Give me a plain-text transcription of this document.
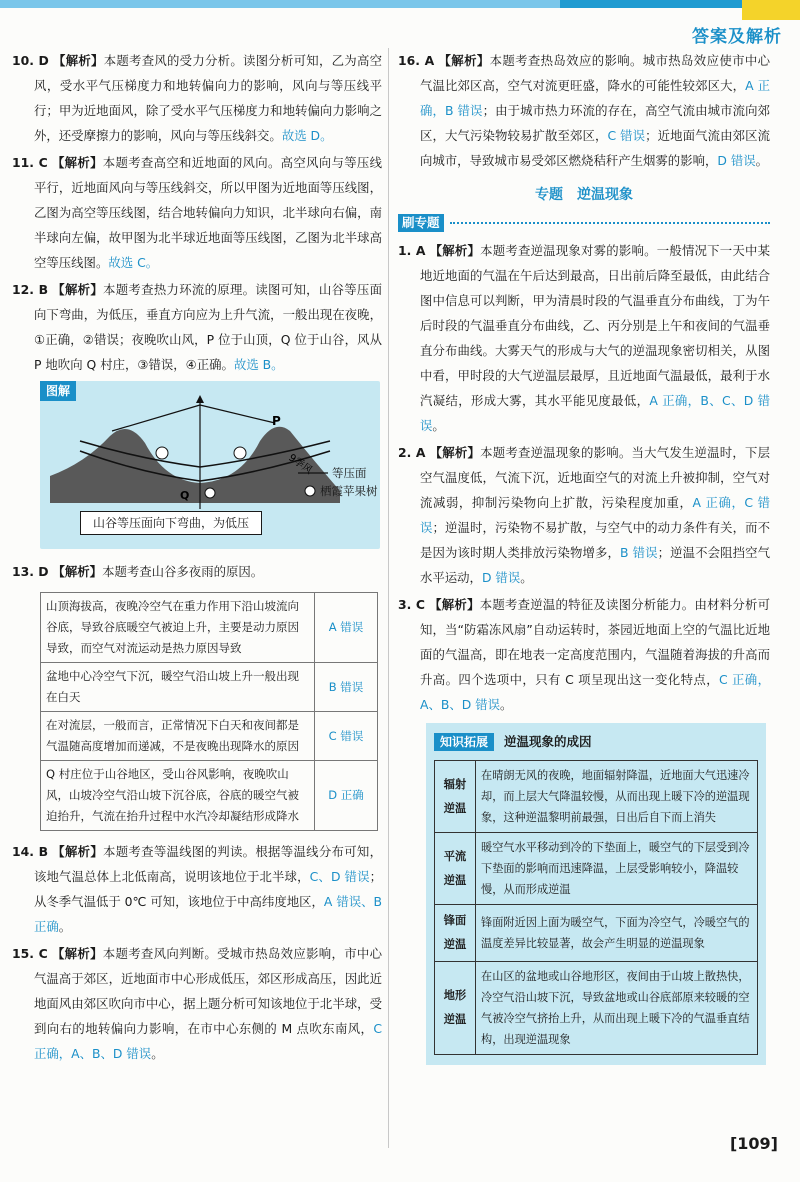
答案及解析
10. D 【解析】本题考查风的受力分析。读图分析可知，乙为高空风，受水平气压梯度力和地转偏向力的影响，风向与等压线平行；甲为近地面风，除了受水平气压梯度力和地转偏向力影响之外，还受摩擦力的影响，风向与等压线斜交。故选 D。
11. C 【解析】本题考查高空和近地面的风向。高空风向与等压线平行，近地面风向与等压线斜交，所以甲图为近地面等压线图，乙图为高空等压线图，结合地转偏向力知识，北半球向右偏，南半球向左偏，故甲图为北半球近地面等压线图，乙图为北半球高空等压线图。故选 C。
12. B 【解析】本题考查热力环流的原理。读图可知，山谷等压面向下弯曲，为低压，垂直方向应为上升气流，一般出现在夜晚，①正确，②错误；夜晚吹山风，P 位于山顶，Q 位于山谷，风从 P 地吹向 Q 村庄，③错误，④正确。故选 B。
图解
P
Q
9季风 等压面
栖霞苹果树
山谷等压面向下弯曲，为低压
13. D 【解析】本题考查山谷多夜雨的原因。
山顶海拔高，夜晚冷空气在重力作用下沿山坡流向谷底，导致谷底暖空气被迫上升，主要是动力原因导致，而空气对流运动是热力原因导致	A 错误
盆地中心冷空气下沉，暖空气沿山坡上升一般出现在白天	B 错误
在对流层，一般而言，正常情况下白天和夜间都是气温随高度增加而递减，不是夜晚出现降水的原因	C 错误
Q 村庄位于山谷地区，受山谷风影响，夜晚吹山风，山坡冷空气沿山坡下沉谷底，谷底的暖空气被迫抬升，气流在抬升过程中水汽冷却凝结形成降水	D 正确
14. B 【解析】本题考查等温线图的判读。根据等温线分布可知，该地气温总体上北低南高，说明该地位于北半球，C、D 错误；从冬季气温低于 0℃ 可知，该地位于中高纬度地区，A 错误、B 正确。
15. C 【解析】本题考查风向判断。受城市热岛效应影响，市中心气温高于郊区，近地面市中心形成低压，郊区形成高压，因此近地面风由郊区吹向市中心，据上题分析可知该地位于北半球，受到向右的地转偏向力影响，在市中心东侧的 M 点吹东南风，C 正确，A、B、D 错误。
16. A 【解析】本题考查热岛效应的影响。城市热岛效应使市中心气温比郊区高，空气对流更旺盛，降水的可能性较郊区大，A 正确，B 错误；由于城市热力环流的存在，高空气流由城市流向郊区，大气污染物较易扩散至郊区，C 错误；近地面气流由郊区流向城市，导致城市易受郊区燃烧秸秆产生烟雾的影响，D 错误。
专题　逆温现象
刷专题
1. A 【解析】本题考查逆温现象对雾的影响。一般情况下一天中某地近地面的气温在午后达到最高，日出前后降至最低，由此结合图中信息可以判断，甲为清晨时段的气温垂直分布曲线，丁为午后时段的气温垂直分布曲线，乙、丙分别是上午和夜间的气温垂直分布曲线。大雾天气的形成与大气的逆温现象密切相关，从图中看，甲时段的大气逆温层最厚，且近地面气温最低，最利于水汽凝结，形成大雾，其水平能见度最低，A 正确，B、C、D 错误。
2. A 【解析】本题考查逆温现象的影响。当大气发生逆温时，下层空气温度低，气流下沉，近地面空气的对流上升被抑制，空气对流减弱，抑制污染物向上扩散，污染程度加重，A 正确，C 错误；逆温时，污染物不易扩散，与空气中的动力条件有关，而不是因为该时期人类排放污染物增多，B 错误；逆温不会阻挡空气水平运动，D 错误。
3. C 【解析】本题考查逆温的特征及读图分析能力。由材料分析可知，当“防霜冻风扇”自动运转时，茶园近地面上空的气温比近地面的气温高，即在地表一定高度范围内，气温随着海拔的升高而升高。四个选项中，只有 C 项呈现出这一变化特点，C 正确，A、B、D 错误。
知识拓展	逆温现象的成因
辐射逆温	在晴朗无风的夜晚，地面辐射降温，近地面大气迅速冷却，而上层大气降温较慢，从而出现上暖下冷的逆温现象，这种逆温黎明前最强，日出后自下而上消失
平流逆温	暖空气水平移动到冷的下垫面上，暖空气的下层受到冷下垫面的影响而迅速降温，上层受影响较小，降温较慢，从而形成逆温
锋面逆温	锋面附近因上面为暖空气，下面为冷空气，冷暖空气的温度差异比较显著，故会产生明显的逆温现象
地形逆温	在山区的盆地或山谷地形区，夜间由于山坡上散热快，冷空气沿山坡下沉，导致盆地或山谷底部原来较暖的空气被冷空气挤抬上升，从而出现上暖下冷的气温垂直结构，出现逆温现象
[109]
